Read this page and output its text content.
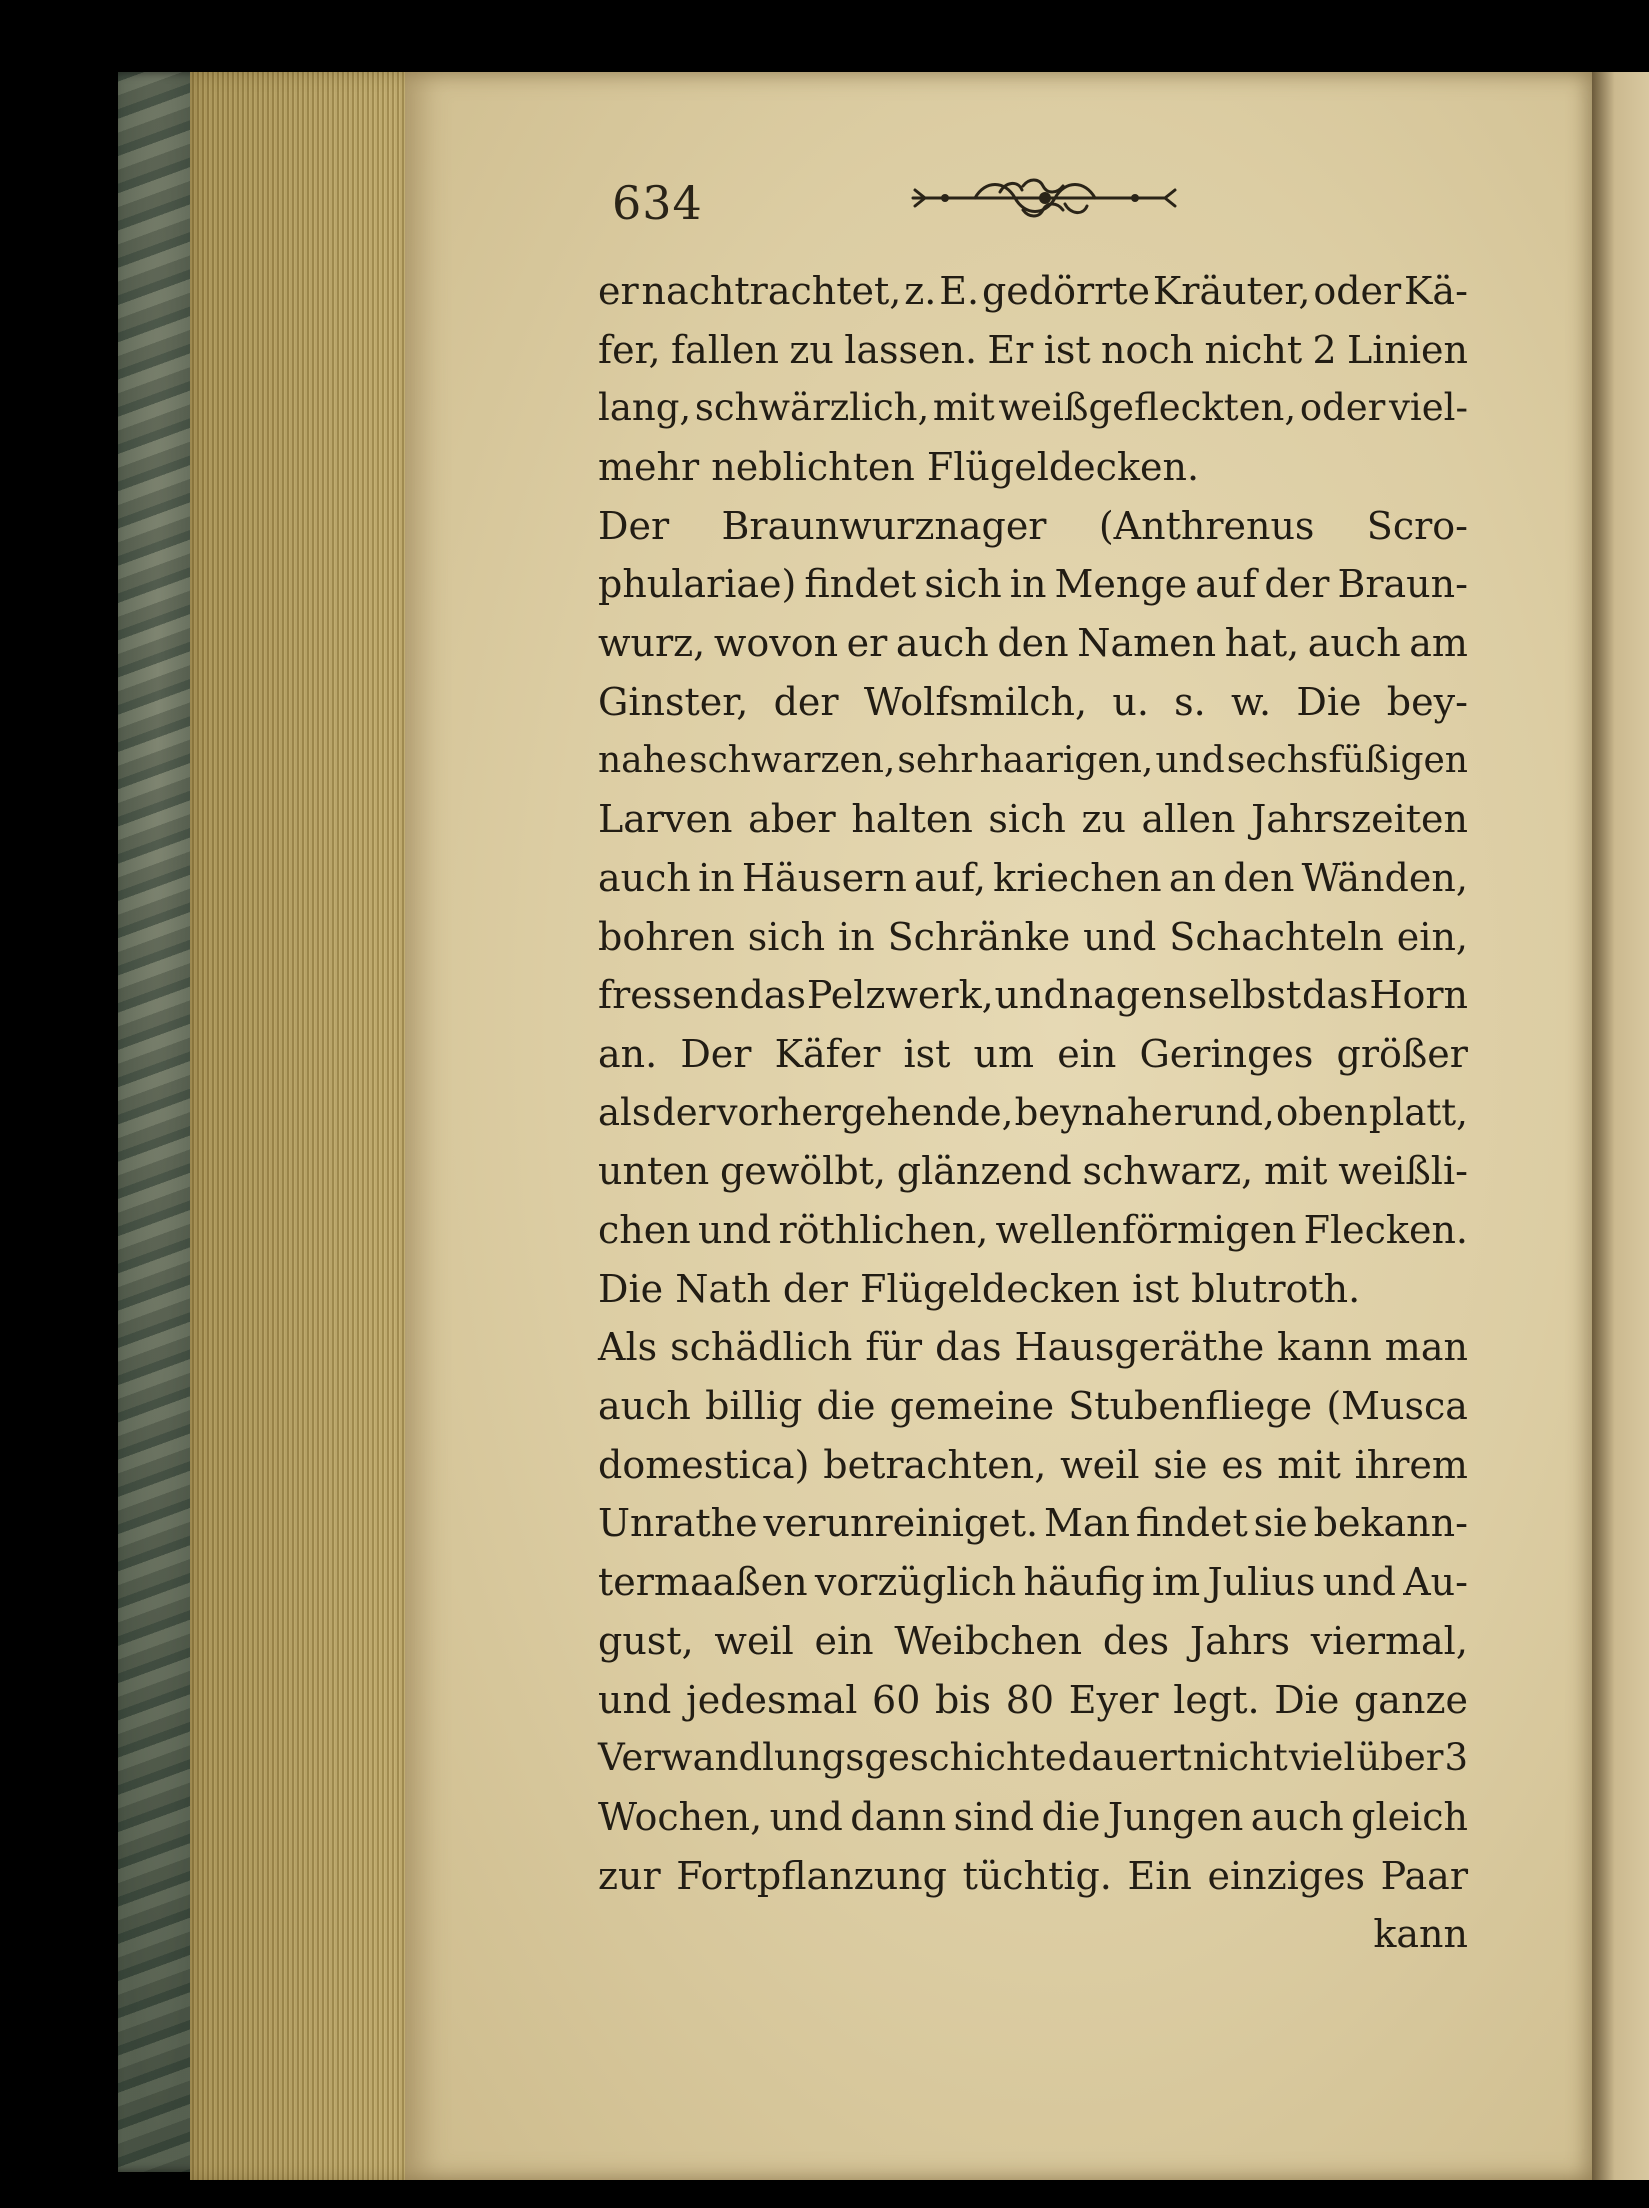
634
er nachtrachtet, z. E. gedörrte Kräuter, oder Kä-
fer, fallen zu lassen. Er ist noch nicht 2 Linien
lang, schwärzlich, mit weißgefleckten, oder viel-
mehr neblichten Flügeldecken.
Der Braunwurznager (Anthrenus Scro-
phulariae) findet sich in Menge auf der Braun-
wurz, wovon er auch den Namen hat, auch am
Ginster, der Wolfsmilch, u. s. w. Die bey-
nahe schwarzen, sehr haarigen, und sechsfüßigen
Larven aber halten sich zu allen Jahrszeiten
auch in Häusern auf, kriechen an den Wänden,
bohren sich in Schränke und Schachteln ein,
fressen das Pelzwerk, und nagen selbst das Horn
an. Der Käfer ist um ein Geringes größer
als der vorhergehende, beynahe rund, oben platt,
unten gewölbt, glänzend schwarz, mit weißli-
chen und röthlichen, wellenförmigen Flecken.
Die Nath der Flügeldecken ist blutroth.
Als schädlich für das Hausgeräthe kann man
auch billig die gemeine Stubenfliege (Musca
domestica) betrachten, weil sie es mit ihrem
Unrathe verunreiniget. Man findet sie bekann-
termaaßen vorzüglich häufig im Julius und Au-
gust, weil ein Weibchen des Jahrs viermal,
und jedesmal 60 bis 80 Eyer legt. Die ganze
Verwandlungsgeschichte dauert nicht viel über 3
Wochen, und dann sind die Jungen auch gleich
zur Fortpflanzung tüchtig. Ein einziges Paar
kann
